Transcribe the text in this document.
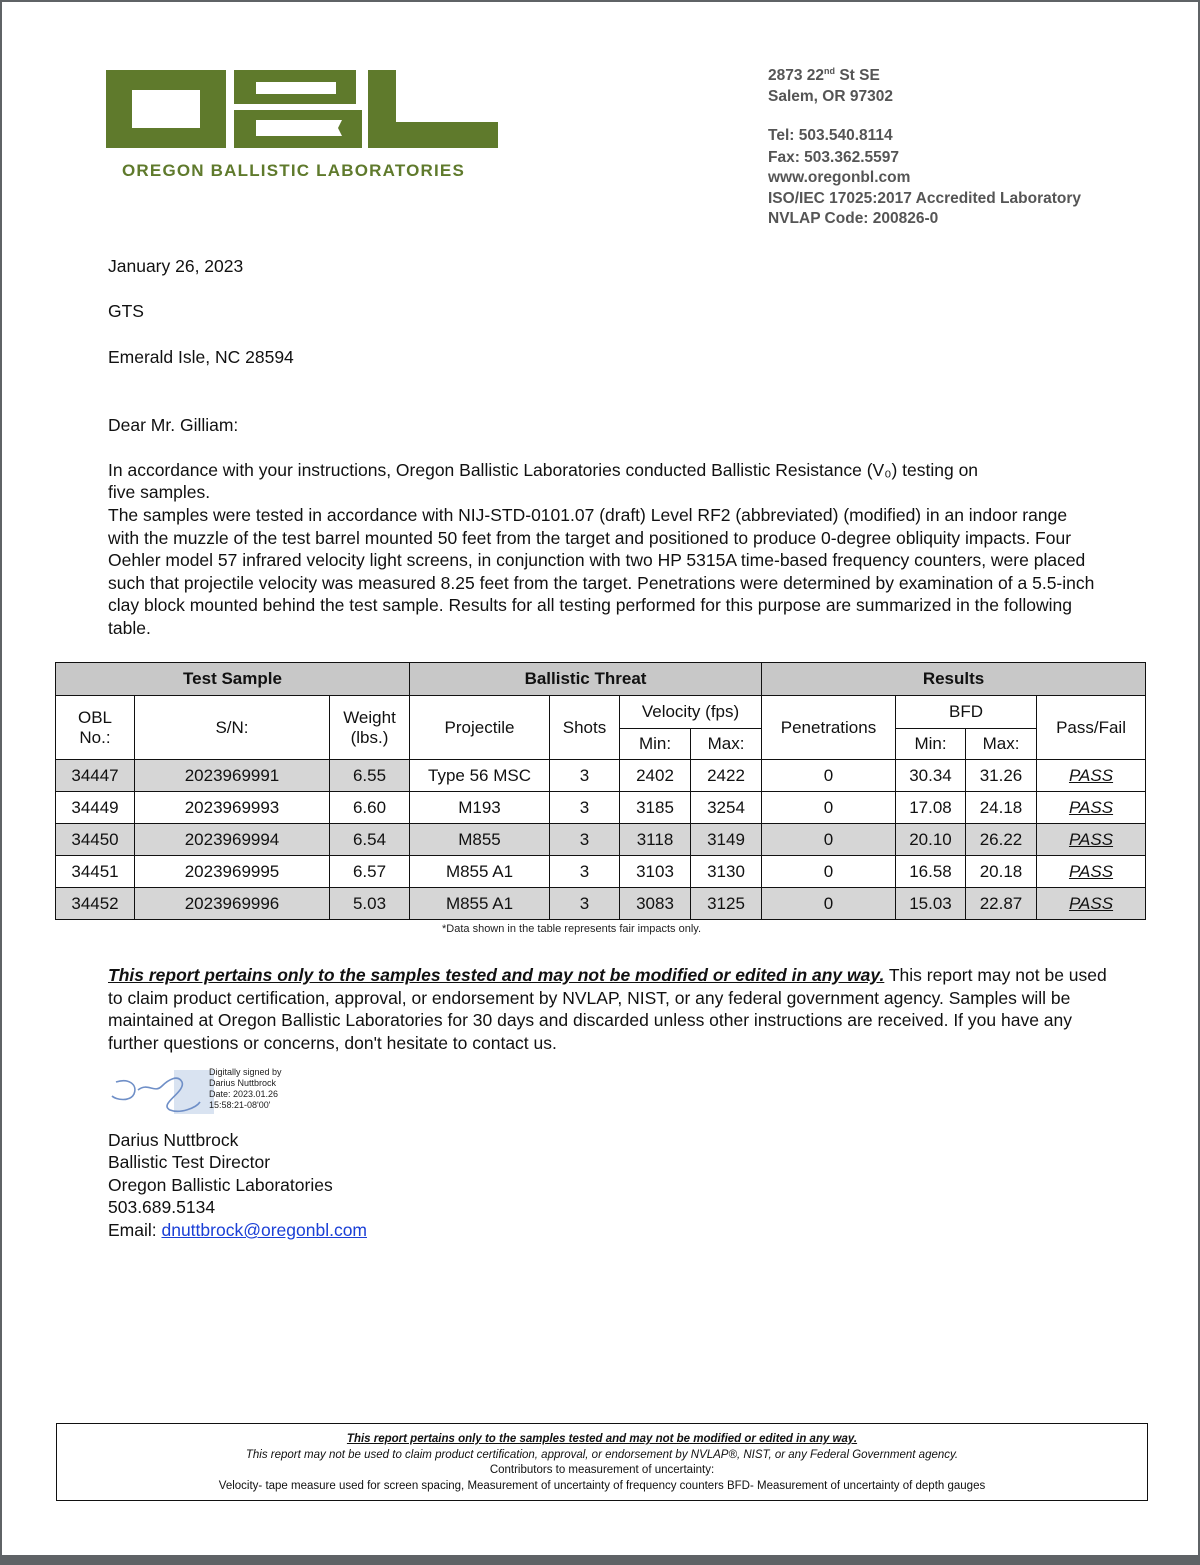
OREGON BALLISTIC LABORATORIES
2873 22nd St SE
Salem, OR 97302
Tel: 503.540.8114
Fax: 503.362.5597
www.oregonbl.com
ISO/IEC 17025:2017 Accredited Laboratory
NVLAP Code: 200826-0
January 26, 2023
GTS
Emerald Isle, NC 28594
Dear Mr. Gilliam:
In accordance with your instructions, Oregon Ballistic Laboratories conducted Ballistic Resistance (V₀) testing on
five samples.
The samples were tested in accordance with NIJ-STD-0101.07 (draft) Level RF2 (abbreviated) (modified) in an indoor range with the muzzle of the test barrel mounted 50 feet from the target and positioned to produce 0-degree obliquity impacts. Four Oehler model 57 infrared velocity light screens, in conjunction with two HP 5315A time-based frequency counters, were placed such that projectile velocity was measured 8.25 feet from the target. Penetrations were determined by examination of a 5.5-inch clay block mounted behind the test sample. Results for all testing performed for this purpose are summarized in the following table.
Test Sample			Ballistic Threat				Results			
OBL No.:	S/N:	Weight (lbs.)	Projectile	Shots	Velocity (fps)		Penetrations	BFD		Pass/Fail
					Min:	Max:		Min:	Max:	
34447	2023969991	6.55	Type 56 MSC	3	2402	2422	0	30.34	31.26	PASS
34449	2023969993	6.60	M193	3	3185	3254	0	17.08	24.18	PASS
34450	2023969994	6.54	M855	3	3118	3149	0	20.10	26.22	PASS
34451	2023969995	6.57	M855 A1	3	3103	3130	0	16.58	20.18	PASS
34452	2023969996	5.03	M855 A1	3	3083	3125	0	15.03	22.87	PASS
*Data shown in the table represents fair impacts only.
This report pertains only to the samples tested and may not be modified or edited in any way. This report may not be used to claim product certification, approval, or endorsement by NVLAP, NIST, or any federal government agency. Samples will be maintained at Oregon Ballistic Laboratories for 30 days and discarded unless other instructions are received. If you have any further questions or concerns, don't hesitate to contact us.
Digitally signed by
Darius Nuttbrock
Date: 2023.01.26
15:58:21-08'00'
Darius Nuttbrock
Ballistic Test Director
Oregon Ballistic Laboratories
503.689.5134
Email: dnuttbrock@oregonbl.com
This report pertains only to the samples tested and may not be modified or edited in any way.
This report may not be used to claim product certification, approval, or endorsement by NVLAP®, NIST, or any Federal Government agency.
Contributors to measurement of uncertainty:
Velocity- tape measure used for screen spacing, Measurement of uncertainty of frequency counters BFD- Measurement of uncertainty of depth gauges
